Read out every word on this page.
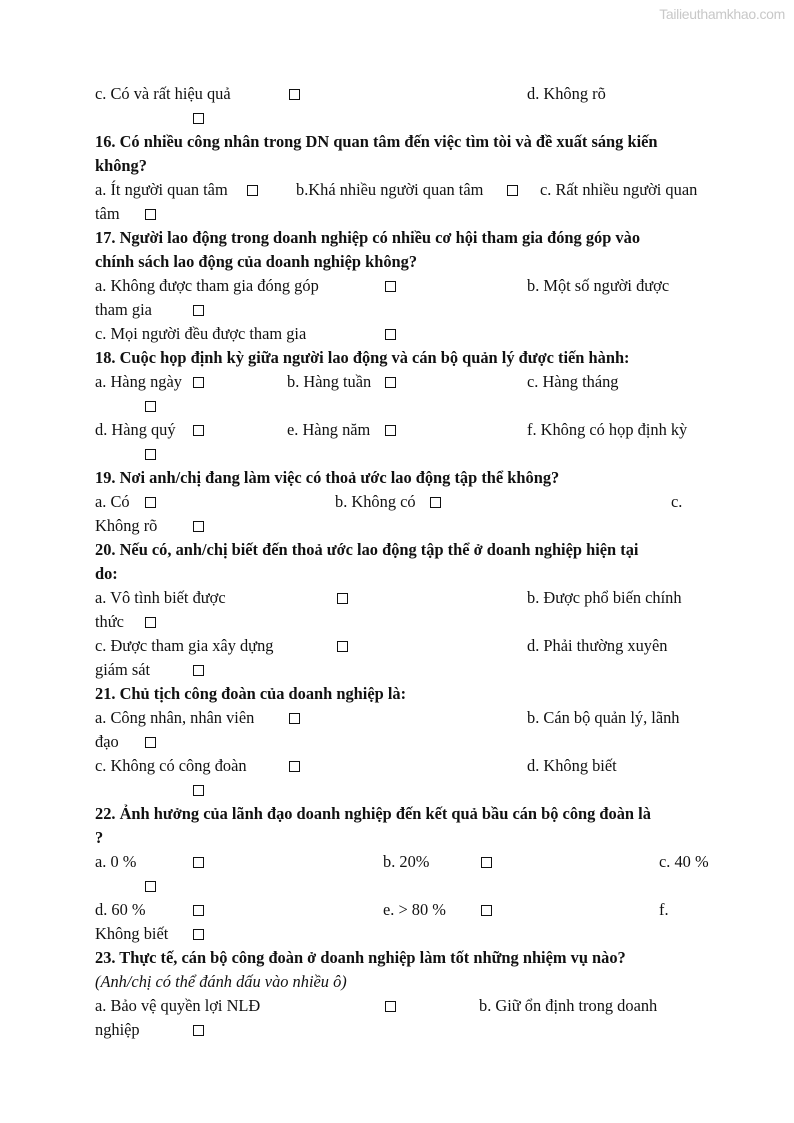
Tailieuthamkhao.com
c. Có và rất hiệu quả	d. Không rõ
16. Có nhiều công nhân trong DN quan tâm đến việc tìm tòi và đề xuất sáng kiến
không?
a. Ít người quan tâm	b.Khá nhiều người quan tâm	c. Rất nhiều người quan
tâm
17. Người lao động trong doanh nghiệp có nhiều cơ hội tham gia đóng góp vào
chính sách lao động của doanh nghiệp không?
a. Không được tham gia đóng góp	b. Một số người được
tham gia
c. Mọi người đều được tham gia
18. Cuộc họp định kỳ giữa người lao động và cán bộ quản lý được tiến hành:
a. Hàng ngày	b. Hàng tuần	c. Hàng tháng
d. Hàng quý	e. Hàng năm	f. Không có họp định kỳ
19. Nơi anh/chị đang làm việc có thoả ước lao động tập thể không?
a. Có	b. Không có	c.
Không rõ
20. Nếu có, anh/chị biết đến thoả ước lao động tập thể ở doanh nghiệp hiện tại
do:
a. Vô tình biết được	b. Được phổ biến chính
thức
c. Được tham gia xây dựng	d. Phải thường xuyên
giám sát
21. Chủ tịch công đoàn của doanh nghiệp là:
a. Công nhân, nhân viên	b. Cán bộ quản lý, lãnh
đạo
c. Không có công đoàn	d. Không biết
22. Ảnh hưởng của lãnh đạo doanh nghiệp đến kết quả bầu cán bộ công đoàn là
?
a. 0 %	b. 20%	c. 40 %
d. 60 %	e. > 80 %	f.
Không biết
23. Thực tế, cán bộ công đoàn ở doanh nghiệp làm tốt những nhiệm vụ nào?
(Anh/chị có thể đánh dấu vào nhiều ô)
a. Bảo vệ quyền lợi NLĐ	b. Giữ ổn định trong doanh
nghiệp
